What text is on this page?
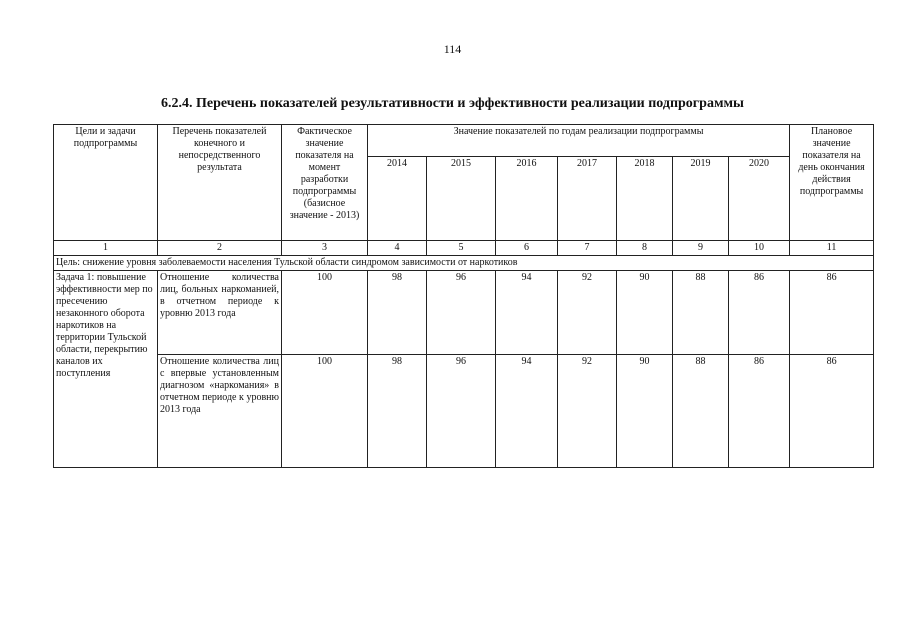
114
6.2.4. Перечень показателей результативности и эффективности реализации подпрограммы
Цели и задачи подпрограммы	Перечень показателей конечного и непосредственного результата	Фактическое значение показателя на момент разработки подпрограммы (базисное значение - 2013)	Значение показателей по годам реализации подпрограммы							Плановое значение показателя на день окончания действия подпрограммы
			2014	2015	2016	2017	2018	2019	2020	
1	2	3	4	5	6	7	8	9	10	11
Цель: снижение уровня заболеваемости населения Тульской области синдромом зависимости от наркотиков										
Задача 1: повышение эффективности мер по пресечению незаконного оборота наркотиков на территории Тульской области, перекрытию каналов их поступления	Отношение количества лиц, больных наркоманией, в отчетном периоде к уровню 2013 года	100	98	96	94	92	90	88	86	86
	Отношение количества лиц с впервые установленным диагнозом «наркомания» в отчетном периоде к уровню 2013 года	100	98	96	94	92	90	88	86	86
